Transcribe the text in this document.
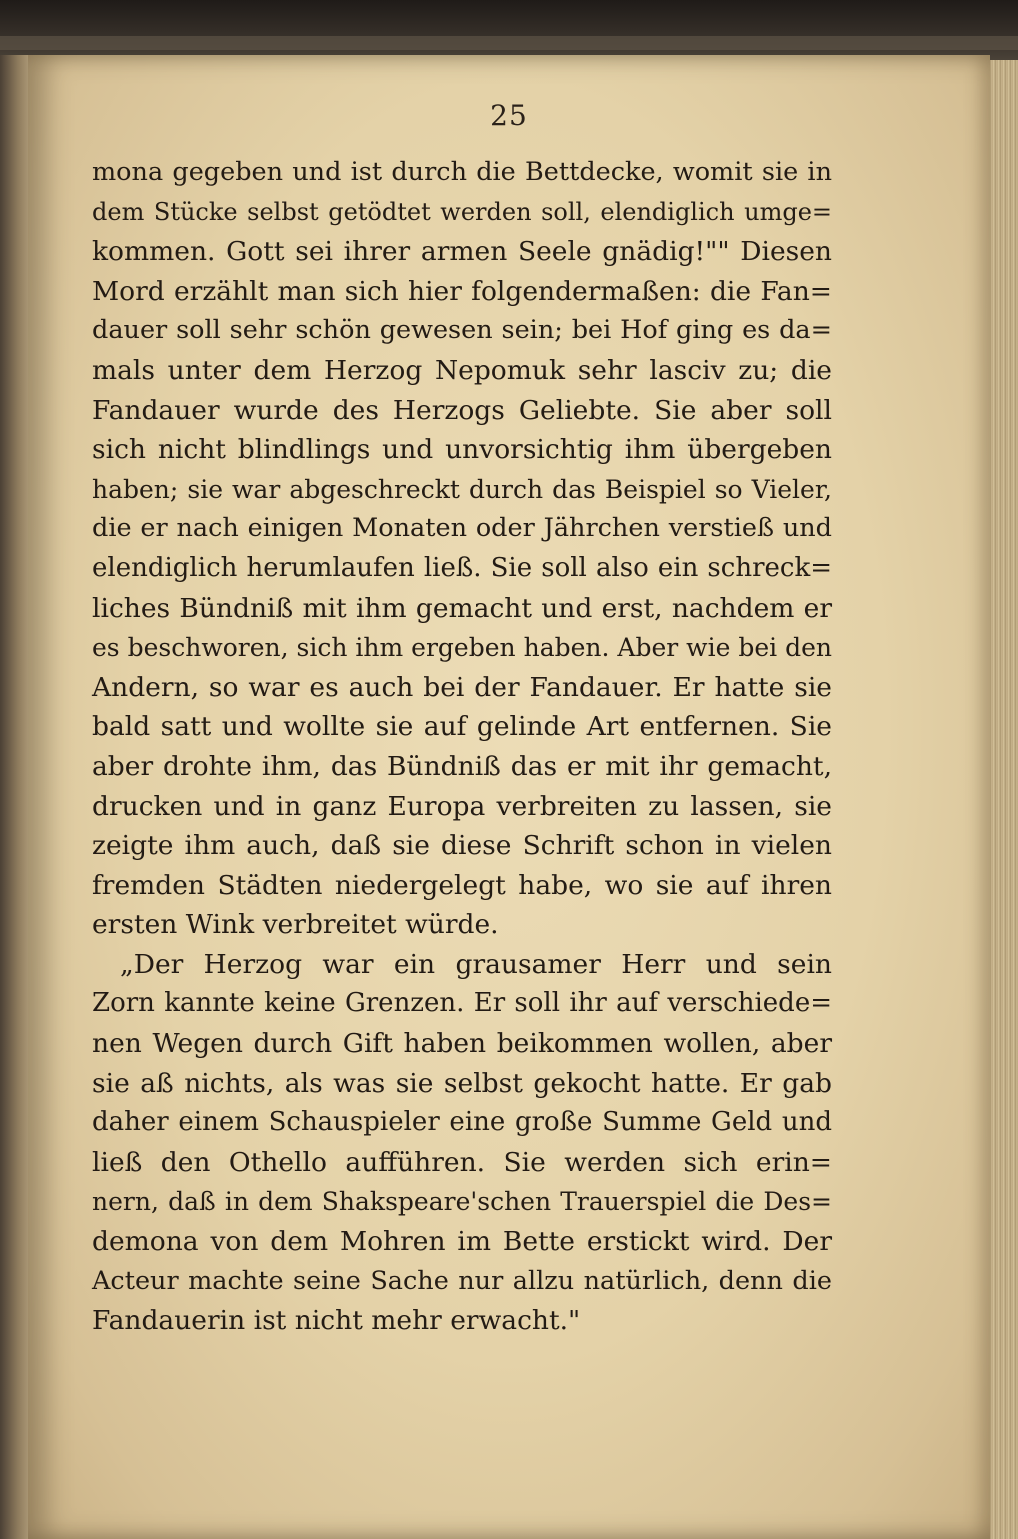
25
mona gegeben und ist durch die Bettdecke, womit sie in
dem Stücke selbst getödtet werden soll, elendiglich umge=
kommen. Gott sei ihrer armen Seele gnädig!"" Diesen
Mord erzählt man sich hier folgendermaßen: die Fan=
dauer soll sehr schön gewesen sein; bei Hof ging es da=
mals unter dem Herzog Nepomuk sehr lasciv zu; die
Fandauer wurde des Herzogs Geliebte. Sie aber soll
sich nicht blindlings und unvorsichtig ihm übergeben
haben; sie war abgeschreckt durch das Beispiel so Vieler,
die er nach einigen Monaten oder Jährchen verstieß und
elendiglich herumlaufen ließ. Sie soll also ein schreck=
liches Bündniß mit ihm gemacht und erst, nachdem er
es beschworen, sich ihm ergeben haben. Aber wie bei den
Andern, so war es auch bei der Fandauer. Er hatte sie
bald satt und wollte sie auf gelinde Art entfernen. Sie
aber drohte ihm, das Bündniß das er mit ihr gemacht,
drucken und in ganz Europa verbreiten zu lassen, sie
zeigte ihm auch, daß sie diese Schrift schon in vielen
fremden Städten niedergelegt habe, wo sie auf ihren
ersten Wink verbreitet würde.
„Der Herzog war ein grausamer Herr und sein
Zorn kannte keine Grenzen. Er soll ihr auf verschiede=
nen Wegen durch Gift haben beikommen wollen, aber
sie aß nichts, als was sie selbst gekocht hatte. Er gab
daher einem Schauspieler eine große Summe Geld und
ließ den Othello aufführen. Sie werden sich erin=
nern, daß in dem Shakspeare'schen Trauerspiel die Des=
demona von dem Mohren im Bette erstickt wird. Der
Acteur machte seine Sache nur allzu natürlich, denn die
Fandauerin ist nicht mehr erwacht."
